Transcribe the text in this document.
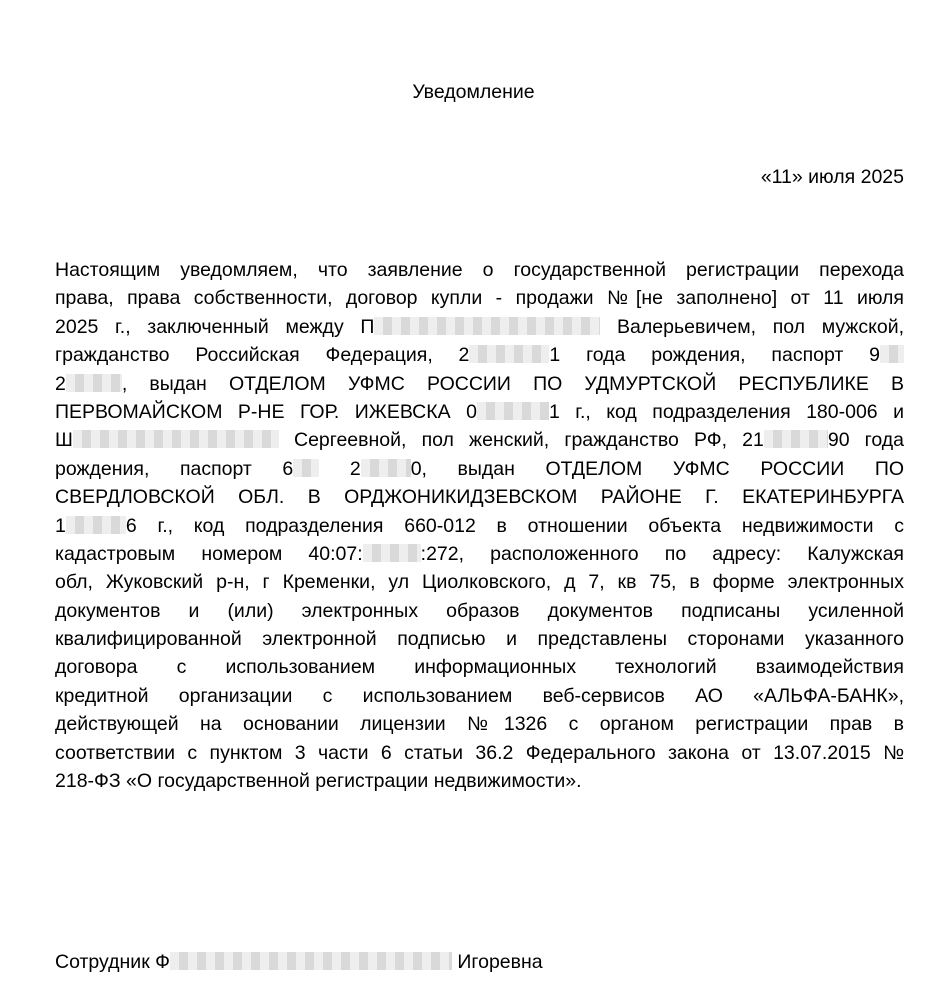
Уведомление
«11» июля 2025
Настоящим уведомляем, что заявление о государственной регистрации перехода
права, права собственности, договор купли - продажи №[не заполнено] от 11 июля
2025 г., заключенный между П	Валерьевичем, пол мужской,
гражданство Российская Федерация, 2	1 года рождения, паспорт 9
2	, выдан ОТДЕЛОМ УФМС РОССИИ ПО УДМУРТСКОЙ РЕСПУБЛИКЕ В
ПЕРВОМАЙСКОМ Р-НЕ ГОР. ИЖЕВСКА 0	1 г., код подразделения 180-006 и
Ш	Сергеевной, пол женский, гражданство РФ, 21	90 года
рождения, паспорт 6 2	0, выдан ОТДЕЛОМ УФМС РОССИИ ПО
СВЕРДЛОВСКОЙ ОБЛ. В ОРДЖОНИКИДЗЕВСКОМ РАЙОНЕ Г. ЕКАТЕРИНБУРГА
1	6 г., код подразделения 660-012 в отношении объекта недвижимости с
кадастровым номером 40:07:	:272, расположенного по адресу: Калужская
обл, Жуковский р-н, г Кременки, ул Циолковского, д 7, кв 75, в форме электронных
документов и (или) электронных образов документов подписаны усиленной
квалифицированной электронной подписью и представлены сторонами указанного
договора с использованием информационных технологий взаимодействия
кредитной организации с использованием веб-сервисов АО «АЛЬФА-БАНК»,
действующей на основании лицензии №1326 с органом регистрации прав в
соответствии с пунктом 3 части 6 статьи 36.2 Федерального закона от 13.07.2015 №
218-ФЗ «О государственной регистрации недвижимости».
Сотрудник Ф	Игоревна
